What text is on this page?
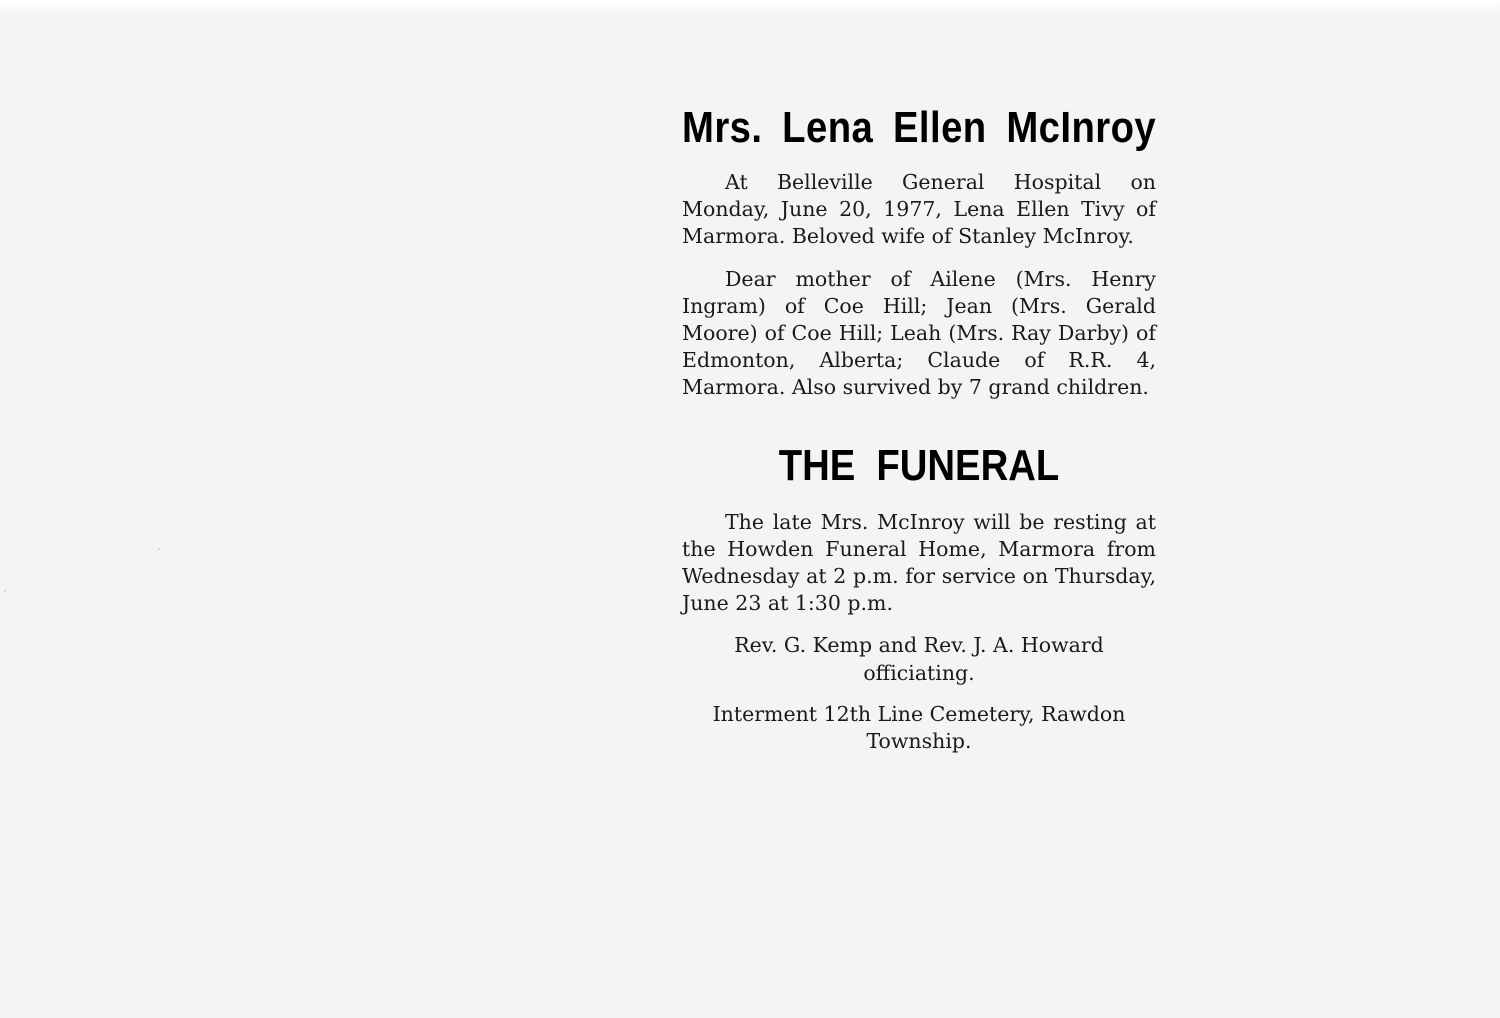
Mrs. Lena Ellen McInroy

At Belleville General Hospital on Monday, June 20, 1977, Lena Ellen Tivy of Marmora. Beloved wife of Stanley McInroy.

Dear mother of Ailene (Mrs. Henry Ingram) of Coe Hill; Jean (Mrs. Gerald Moore) of Coe Hill; Leah (Mrs. Ray Darby) of Edmonton, Alberta; Claude of R.R. 4, Marmora. Also survived by 7 grand children.

THE FUNERAL

The late Mrs. McInroy will be resting at the Howden Funeral Home, Marmora from Wednesday at 2 p.m. for service on Thursday, June 23 at 1:30 p.m.

Rev. G. Kemp and Rev. J. A. Howard officiating.

Interment 12th Line Cemetery, Rawdon Township.
